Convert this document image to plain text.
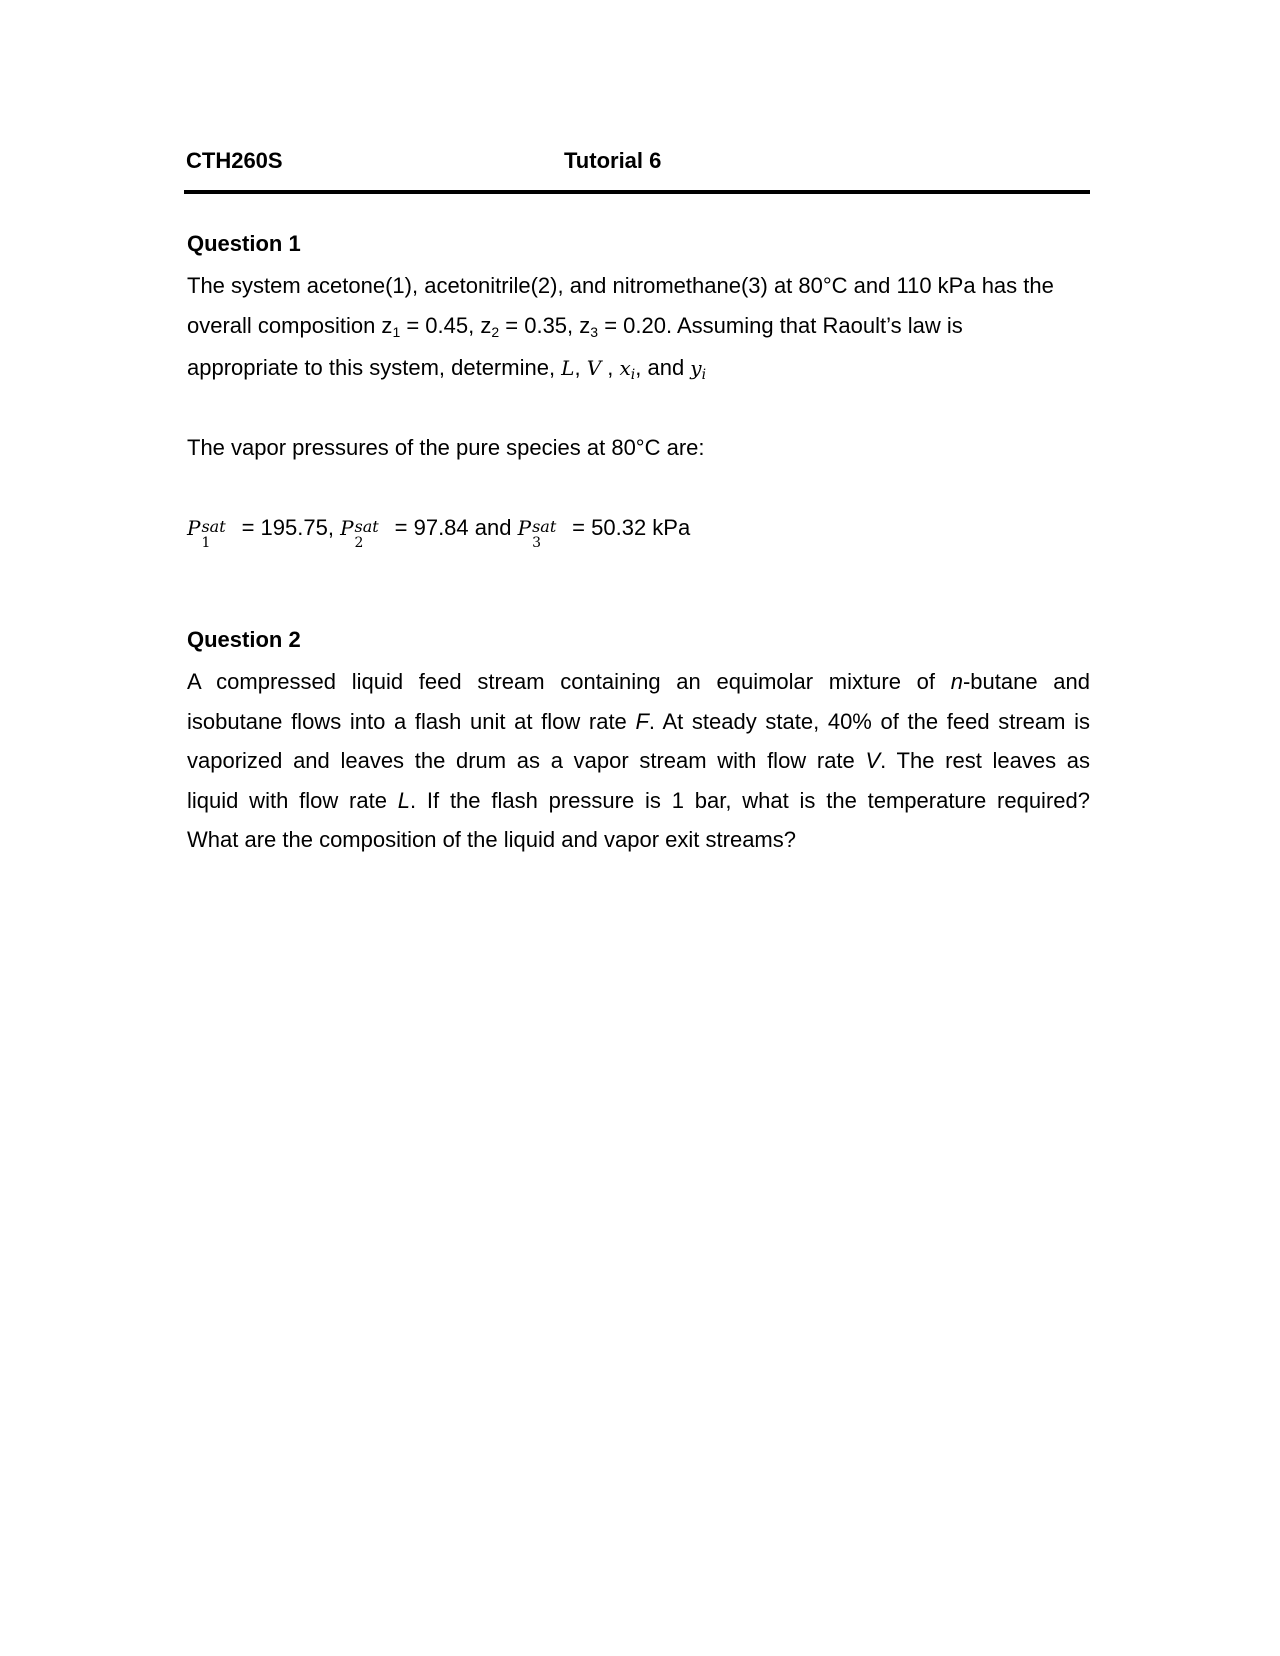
CTH260S	Tutorial 6
Question 1
The system acetone(1), acetonitrile(2), and nitromethane(3) at 80°C and 110 kPa has the
overall composition z1 = 0.45, z2 = 0.35, z3 = 0.20. Assuming that Raoult’s law is
appropriate to this system, determine, L, V , xi, and yi
The vapor pressures of the pure species at 80°C are:
P sat
1
= 195.75, P sat
2
= 97.84 and P sat
3
= 50.32 kPa
Question 2
A compressed liquid feed stream containing an equimolar mixture of n-butane and
isobutane flows into a flash unit at flow rate F. At steady state, 40% of the feed stream is
vaporized and leaves the drum as a vapor stream with flow rate V. The rest leaves as
liquid with flow rate L. If the flash pressure is 1 bar, what is the temperature required?
What are the composition of the liquid and vapor exit streams?
